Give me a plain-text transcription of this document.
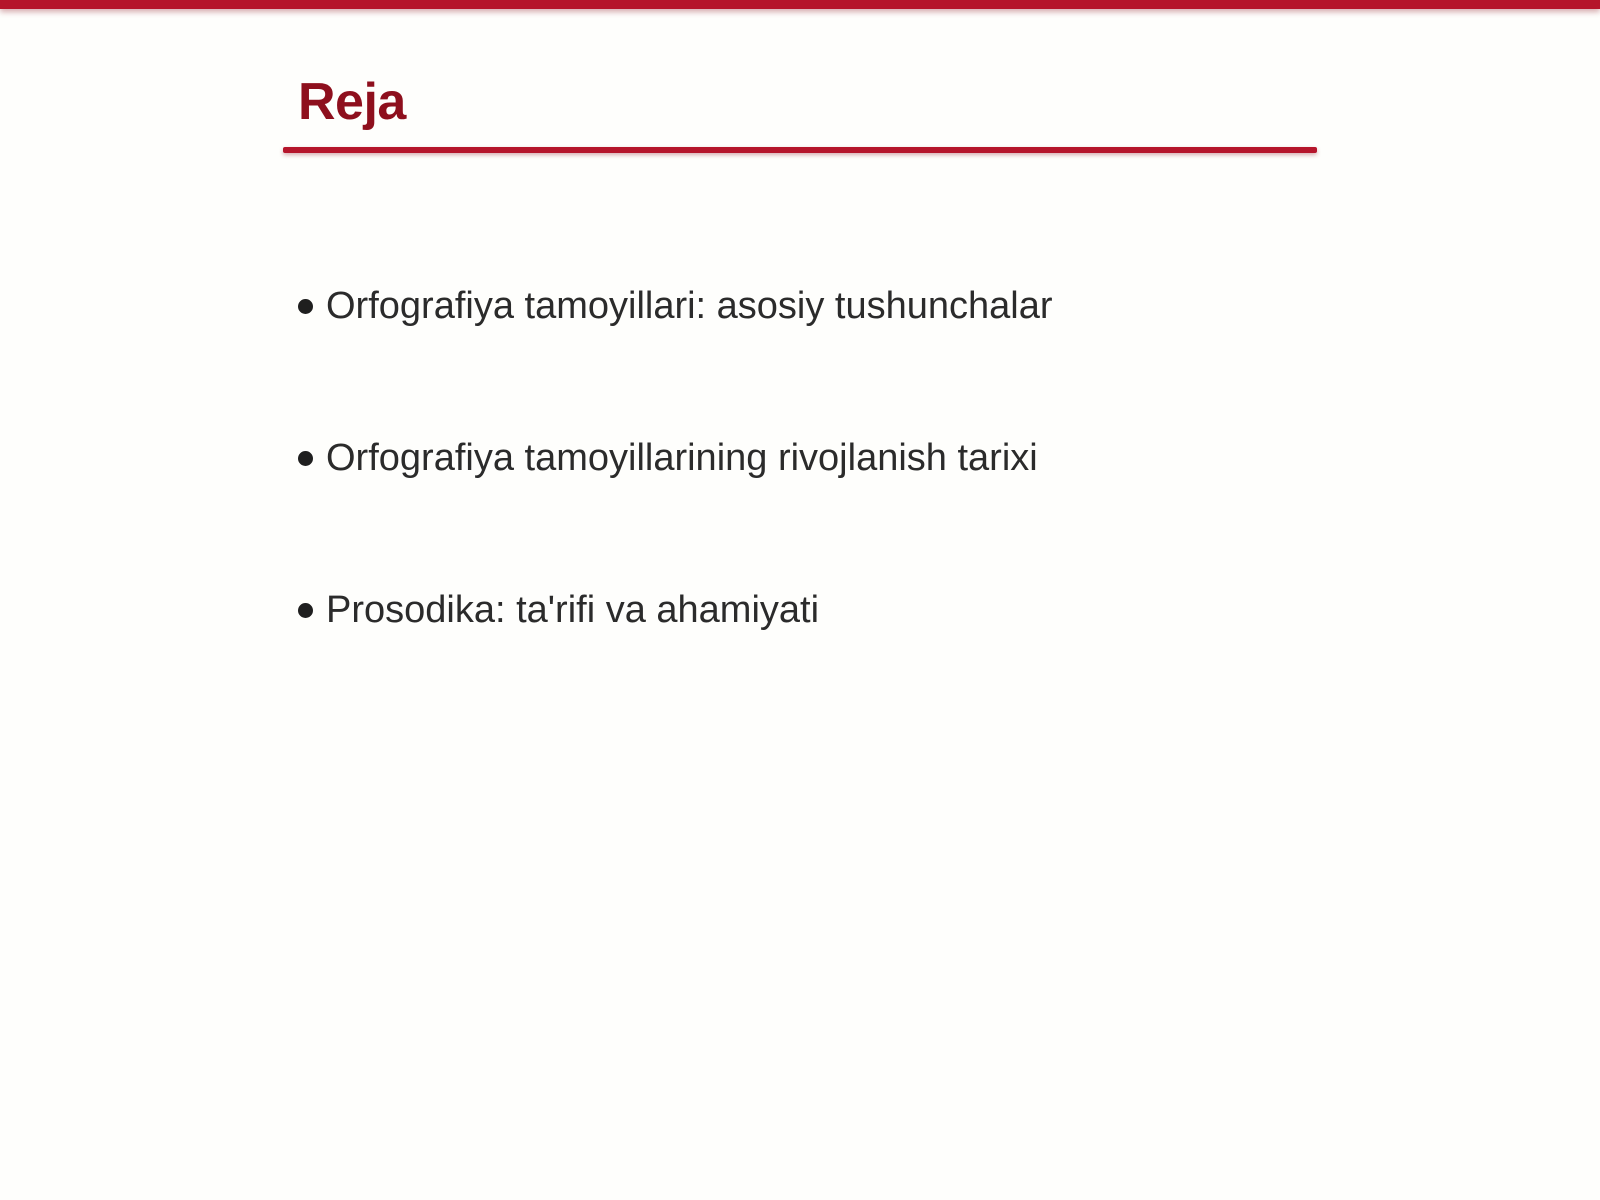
Reja
Orfografiya tamoyillari: asosiy tushunchalar
Orfografiya tamoyillarining rivojlanish tarixi
Prosodika: ta'rifi va ahamiyati
